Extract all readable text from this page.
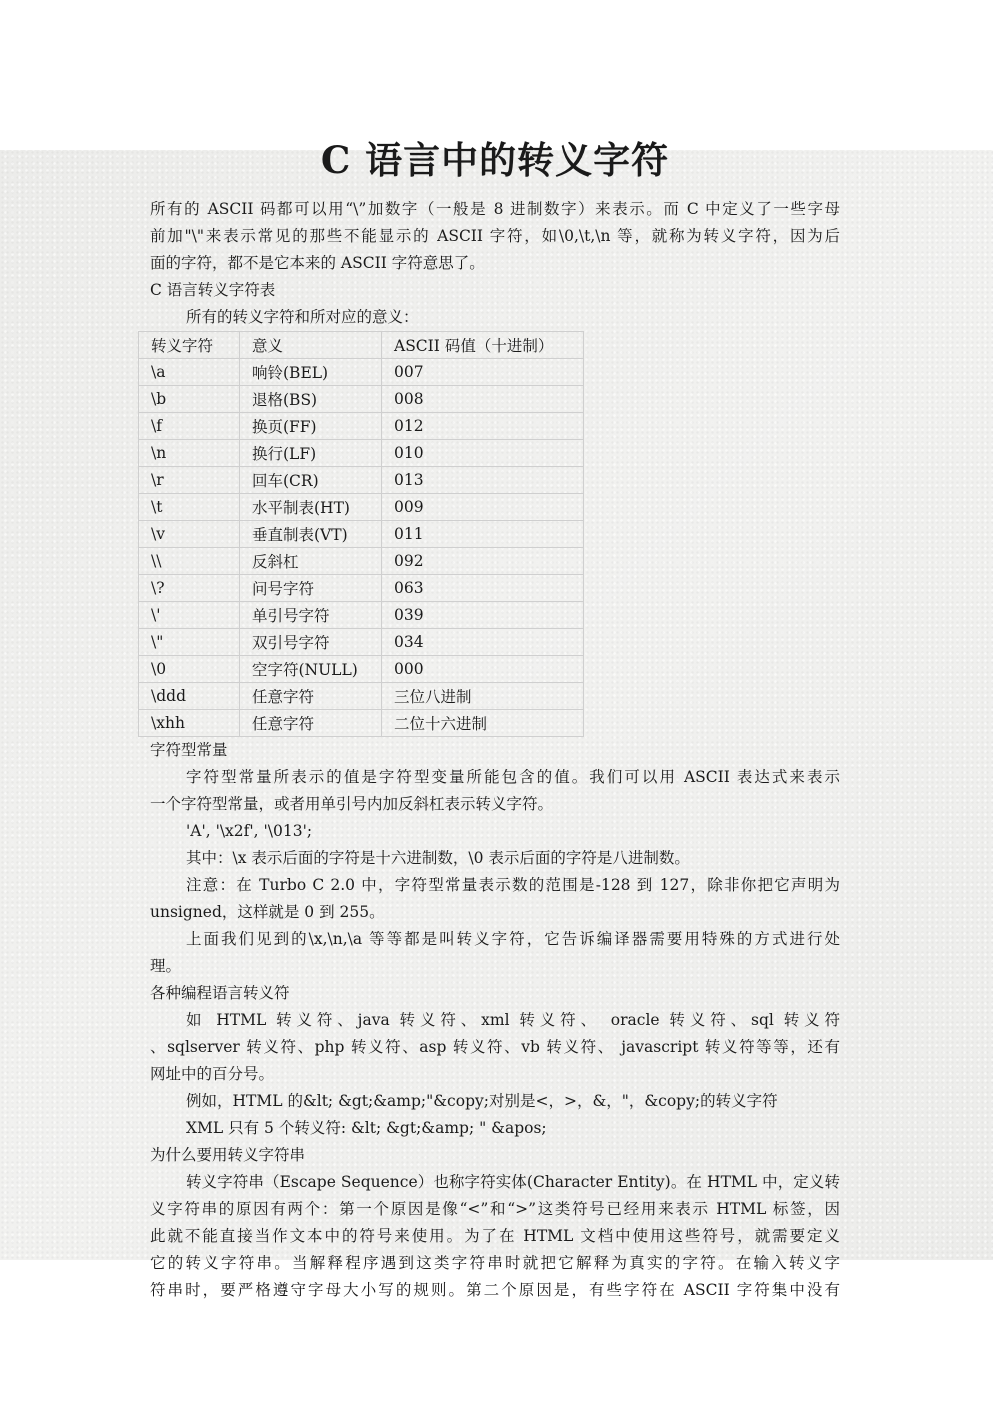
C 语言中的转义字符
所有的 ASCII 码都可以用“\”加数字（一般是 8 进制数字）来表示。而 C 中定义了一些字母
前加"\"来表示常见的那些不能显示的 ASCII 字符，如\0,\t,\n 等，就称为转义字符，因为后
面的字符，都不是它本来的 ASCII 字符意思了。
C 语言转义字符表
所有的转义字符和所对应的意义：
转义字符	意义	ASCII 码值（十进制）
\a	响铃(BEL)	007
\b	退格(BS)	008
\f	换页(FF)	012
\n	换行(LF)	010
\r	回车(CR)	013
\t	水平制表(HT)	009
\v	垂直制表(VT)	011
\\	反斜杠	092
\?	问号字符	063
\'	单引号字符	039
\"	双引号字符	034
\0	空字符(NULL)	000
\ddd	任意字符	三位八进制
\xhh	任意字符	二位十六进制
字符型常量
字符型常量所表示的值是字符型变量所能包含的值。我们可以用 ASCII 表达式来表示
一个字符型常量，或者用单引号内加反斜杠表示转义字符。
'A', '\x2f', '\013';
其中：\x 表示后面的字符是十六进制数，\0 表示后面的字符是八进制数。
注意：在 Turbo C 2.0 中，字符型常量表示数的范围是-128 到 127，除非你把它声明为
unsigned，这样就是 0 到 255。
上面我们见到的\x,\n,\a 等等都是叫转义字符，它告诉编译器需要用特殊的方式进行处
理。
各种编程语言转义符
如 HTML 转义符、java 转义符、xml 转义符、 oracle 转义符、sql 转义符
、sqlserver 转义符、php 转义符、asp 转义符、vb 转义符、 javascript 转义符等等，还有
网址中的百分号。
例如，HTML 的&lt; &gt;&amp;"&copy;对别是<，>，&，"，&copy;的转义字符
XML 只有 5 个转义符: &lt; &gt;&amp; " &apos;
为什么要用转义字符串
转义字符串（Escape Sequence）也称字符实体(Character Entity)。在 HTML 中，定义转
义字符串的原因有两个：第一个原因是像“<”和“>”这类符号已经用来表示 HTML 标签，因
此就不能直接当作文本中的符号来使用。为了在 HTML 文档中使用这些符号，就需要定义
它的转义字符串。当解释程序遇到这类字符串时就把它解释为真实的字符。在输入转义字
符串时，要严格遵守字母大小写的规则。第二个原因是，有些字符在 ASCII 字符集中没有
